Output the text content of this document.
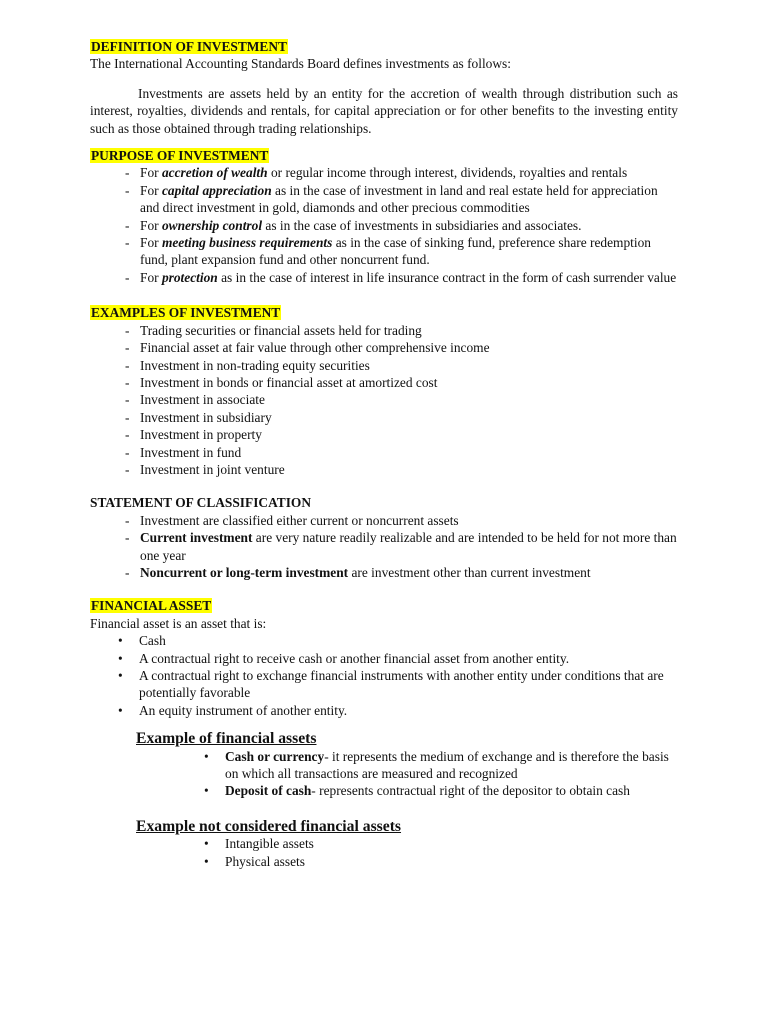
DEFINITION OF INVESTMENT

The International Accounting Standards Board defines investments as follows:

Investments are assets held by an entity for the accretion of wealth through distribution such as interest, royalties, dividends and rentals, for capital appreciation or for other benefits to the investing entity such as those obtained through trading relationships.

PURPOSE OF INVESTMENT
- For accretion of wealth or regular income through interest, dividends, royalties and rentals
- For capital appreciation as in the case of investment in land and real estate held for appreciation and direct investment in gold, diamonds and other precious commodities
- For ownership control as in the case of investments in subsidiaries and associates.
- For meeting business requirements as in the case of sinking fund, preference share redemption fund, plant expansion fund and other noncurrent fund.
- For protection as in the case of interest in life insurance contract in the form of cash surrender value
EXAMPLES OF INVESTMENT
- Trading securities or financial assets held for trading
- Financial asset at fair value through other comprehensive income
- Investment in non-trading equity securities
- Investment in bonds or financial asset at amortized cost
- Investment in associate
- Investment in subsidiary
- Investment in property
- Investment in fund
- Investment in joint venture
STATEMENT OF CLASSIFICATION
- Investment are classified either current or noncurrent assets
- Current investment are very nature readily realizable and are intended to be held for not more than one year
- Noncurrent or long-term investment are investment other than current investment
FINANCIAL ASSET

Financial asset is an asset that is:

• Cash
• A contractual right to receive cash or another financial asset from another entity.
• A contractual right to exchange financial instruments with another entity under conditions that are potentially favorable
• An equity instrument of another entity.
Example of financial assets
• Cash or currency- it represents the medium of exchange and is therefore the basis on which all transactions are measured and recognized
• Deposit of cash- represents contractual right of the depositor to obtain cash
Example not considered financial assets
• Intangible assets
• Physical assets
